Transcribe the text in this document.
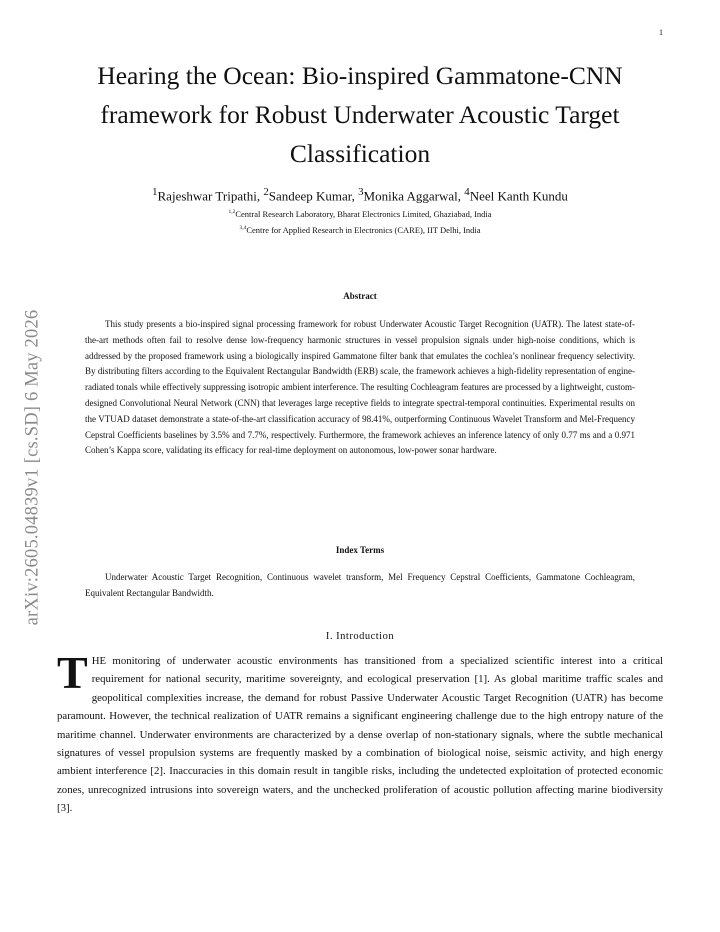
1
arXiv:2605.04839v1 [cs.SD] 6 May 2026
Hearing the Ocean: Bio-inspired Gammatone-CNN
framework for Robust Underwater Acoustic Target
Classification
$^1$Rajeshwar Tripathi, $^2$Sandeep Kumar, $^3$Monika Aggarwal, $^4$Neel Kanth Kundu
$^{1,2}$Central Research Laboratory, Bharat Electronics Limited, Ghaziabad, India
$^{3,4}$Centre for Applied Research in Electronics (CARE), IIT Delhi, India
Abstract
This study presents a bio-inspired signal processing framework for robust Underwater Acoustic Target Recognition (UATR). The latest state-of-the-art methods often fail to resolve dense low-frequency harmonic structures in vessel propulsion signals under high-noise conditions, which is addressed by the proposed framework using a biologically inspired Gammatone filter bank that emulates the cochlea’s nonlinear frequency selectivity. By distributing filters according to the Equivalent Rectangular Bandwidth (ERB) scale, the framework achieves a high-fidelity representation of engine-radiated tonals while effectively suppressing isotropic ambient interference. The resulting Cochleagram features are processed by a lightweight, custom-designed Convolutional Neural Network (CNN) that leverages large receptive fields to integrate spectral-temporal continuities. Experimental results on the VTUAD dataset demonstrate a state-of-the-art classification accuracy of 98.41%, outperforming Continuous Wavelet Transform and Mel-Frequency Cepstral Coefficients baselines by 3.5% and 7.7%, respectively. Furthermore, the framework achieves an inference latency of only 0.77 ms and a 0.971 Cohen’s Kappa score, validating its efficacy for real-time deployment on autonomous, low-power sonar hardware.
Index Terms
Underwater Acoustic Target Recognition, Continuous wavelet transform, Mel Frequency Cepstral Coefficients, Gammatone Cochleagram, Equivalent Rectangular Bandwidth.
I. Introduction
THE monitoring of underwater acoustic environments has transitioned from a specialized scientific interest into a critical requirement for national security, maritime sovereignty, and ecological preservation [1]. As global maritime traffic scales and geopolitical complexities increase, the demand for robust Passive Underwater Acoustic Target Recognition (UATR) has become paramount. However, the technical realization of UATR remains a significant engineering challenge due to the high entropy nature of the maritime channel. Underwater environments are characterized by a dense overlap of non-stationary signals, where the subtle mechanical signatures of vessel propulsion systems are frequently masked by a combination of biological noise, seismic activity, and high energy ambient interference [2]. Inaccuracies in this domain result in tangible risks, including the undetected exploitation of protected economic zones, unrecognized intrusions into sovereign waters, and the unchecked proliferation of acoustic pollution affecting marine biodiversity [3].
